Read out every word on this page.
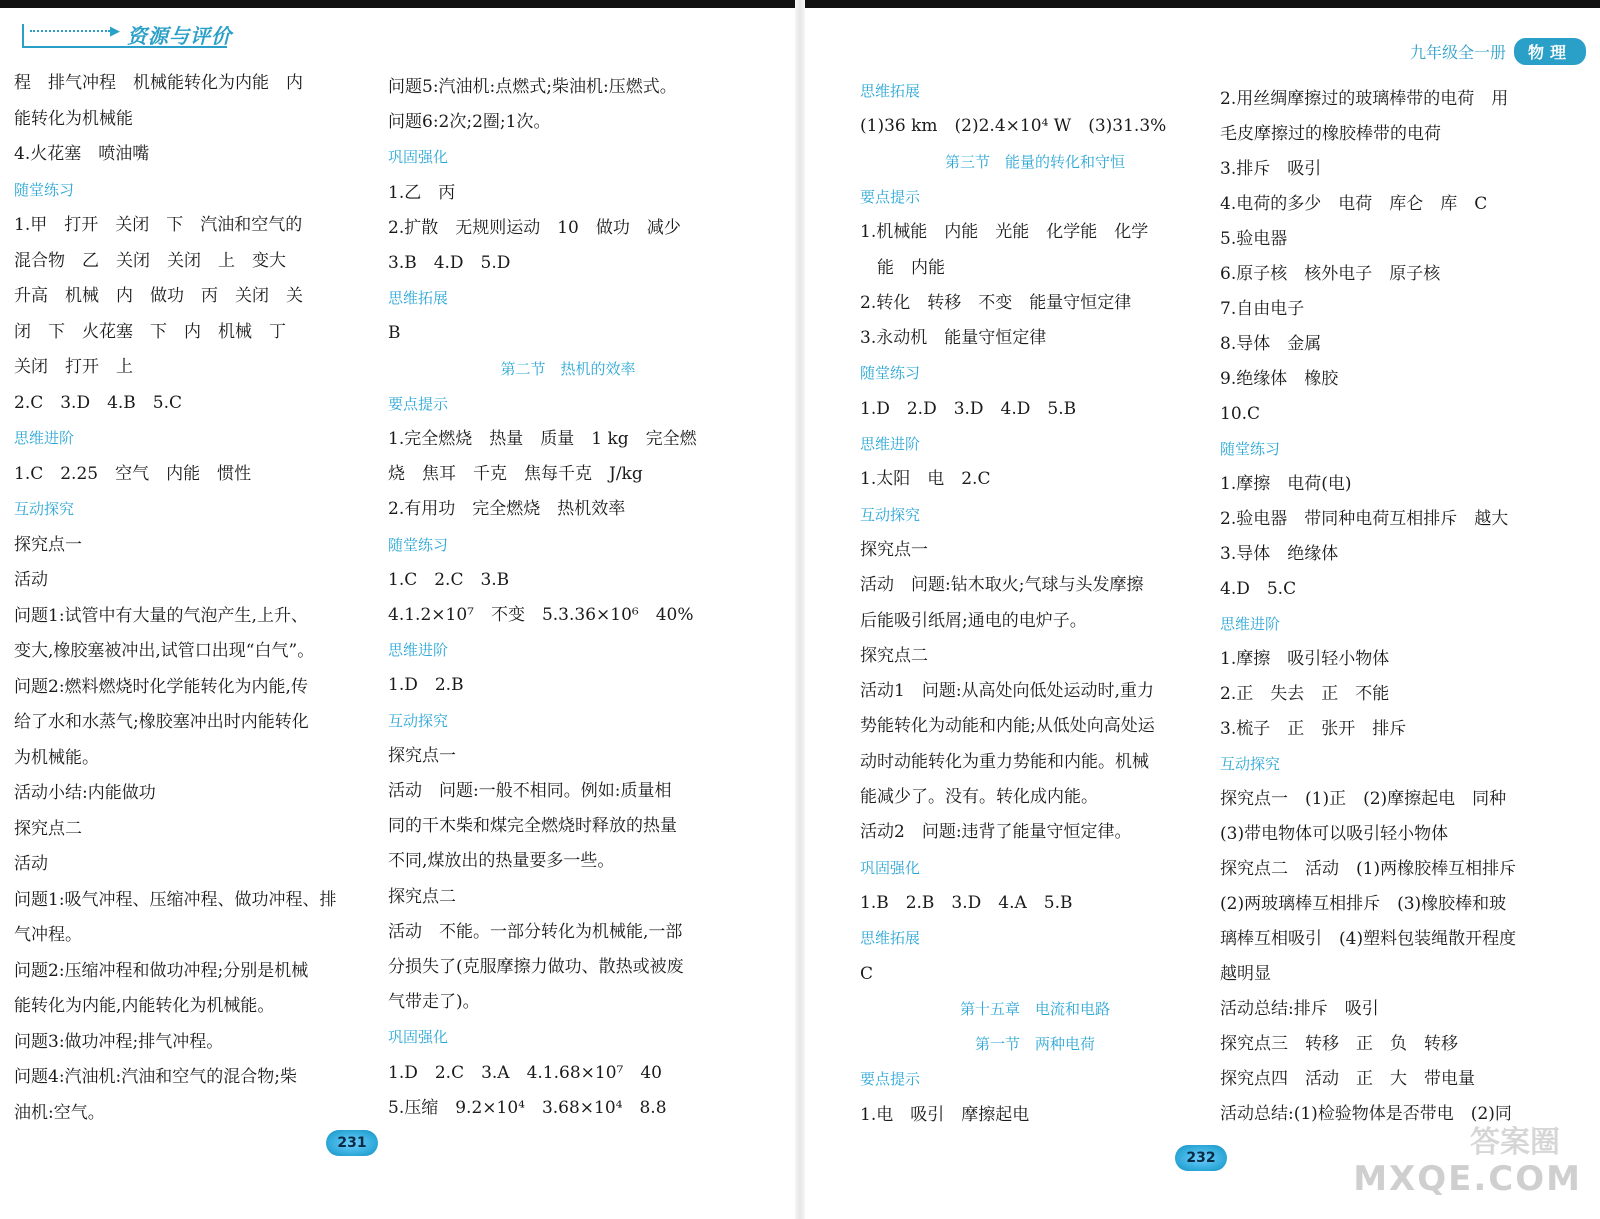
▶ 资源与评价
程　排气冲程　机械能转化为内能　内
能转化为机械能
4.火花塞　喷油嘴
随堂练习
1.甲　打开　关闭　下　汽油和空气的
混合物　乙　关闭　关闭　上　变大
升高　机械　内　做功　丙　关闭　关
闭　下　火花塞　下　内　机械　丁
关闭　打开　上
2.C　3.D　4.B　5.C
思维进阶
1.C　2.25　空气　内能　惯性
互动探究
探究点一
活动
问题1:试管中有大量的气泡产生,上升、
变大,橡胶塞被冲出,试管口出现“白气”。
问题2:燃料燃烧时化学能转化为内能,传
给了水和水蒸气;橡胶塞冲出时内能转化
为机械能。
活动小结:内能做功
探究点二
活动
问题1:吸气冲程、压缩冲程、做功冲程、排
气冲程。
问题2:压缩冲程和做功冲程;分别是机械
能转化为内能,内能转化为机械能。
问题3:做功冲程;排气冲程。
问题4:汽油机:汽油和空气的混合物;柴
油机:空气。
问题5:汽油机:点燃式;柴油机:压燃式。
问题6:2次;2圈;1次。
巩固强化
1.乙　丙
2.扩散　无规则运动　10　做功　减少
3.B　4.D　5.D
思维拓展
B
第二节　热机的效率
要点提示
1.完全燃烧　热量　质量　1 kg　完全燃
烧　焦耳　千克　焦每千克　J/kg
2.有用功　完全燃烧　热机效率
随堂练习
1.C　2.C　3.B
4.1.2×10⁷　不变　5.3.36×10⁶　40%
思维进阶
1.D　2.B
互动探究
探究点一
活动　问题:一般不相同。例如:质量相
同的干木柴和煤完全燃烧时释放的热量
不同,煤放出的热量要多一些。
探究点二
活动　不能。一部分转化为机械能,一部
分损失了(克服摩擦力做功、散热或被废
气带走了)。
巩固强化
1.D　2.C　3.A　4.1.68×10⁷　40
5.压缩　9.2×10⁴　3.68×10⁴　8.8
231
九年级全一册	物理
思维拓展
(1)36 km　(2)2.4×10⁴ W　(3)31.3%
第三节　能量的转化和守恒
要点提示
1.机械能　内能　光能　化学能　化学
　能　内能
2.转化　转移　不变　能量守恒定律
3.永动机　能量守恒定律
随堂练习
1.D　2.D　3.D　4.D　5.B
思维进阶
1.太阳　电　2.C
互动探究
探究点一
活动　问题:钻木取火;气球与头发摩擦
后能吸引纸屑;通电的电炉子。
探究点二
活动1　问题:从高处向低处运动时,重力
势能转化为动能和内能;从低处向高处运
动时动能转化为重力势能和内能。机械
能减少了。没有。转化成内能。
活动2　问题:违背了能量守恒定律。
巩固强化
1.B　2.B　3.D　4.A　5.B
思维拓展
C
第十五章　电流和电路
第一节　两种电荷
要点提示
1.电　吸引　摩擦起电
2.用丝绸摩擦过的玻璃棒带的电荷　用
毛皮摩擦过的橡胶棒带的电荷
3.排斥　吸引
4.电荷的多少　电荷　库仑　库　C
5.验电器
6.原子核　核外电子　原子核
7.自由电子
8.导体　金属
9.绝缘体　橡胶
10.C
随堂练习
1.摩擦　电荷(电)
2.验电器　带同种电荷互相排斥　越大
3.导体　绝缘体
4.D　5.C
思维进阶
1.摩擦　吸引轻小物体
2.正　失去　正　不能
3.梳子　正　张开　排斥
互动探究
探究点一　(1)正　(2)摩擦起电　同种
(3)带电物体可以吸引轻小物体
探究点二　活动　(1)两橡胶棒互相排斥
(2)两玻璃棒互相排斥　(3)橡胶棒和玻
璃棒互相吸引　(4)塑料包装绳散开程度
越明显
活动总结:排斥　吸引
探究点三　转移　正　负　转移
探究点四　活动　正　大　带电量
活动总结:(1)检验物体是否带电　(2)同
232	答案圈
MXQE.COM
